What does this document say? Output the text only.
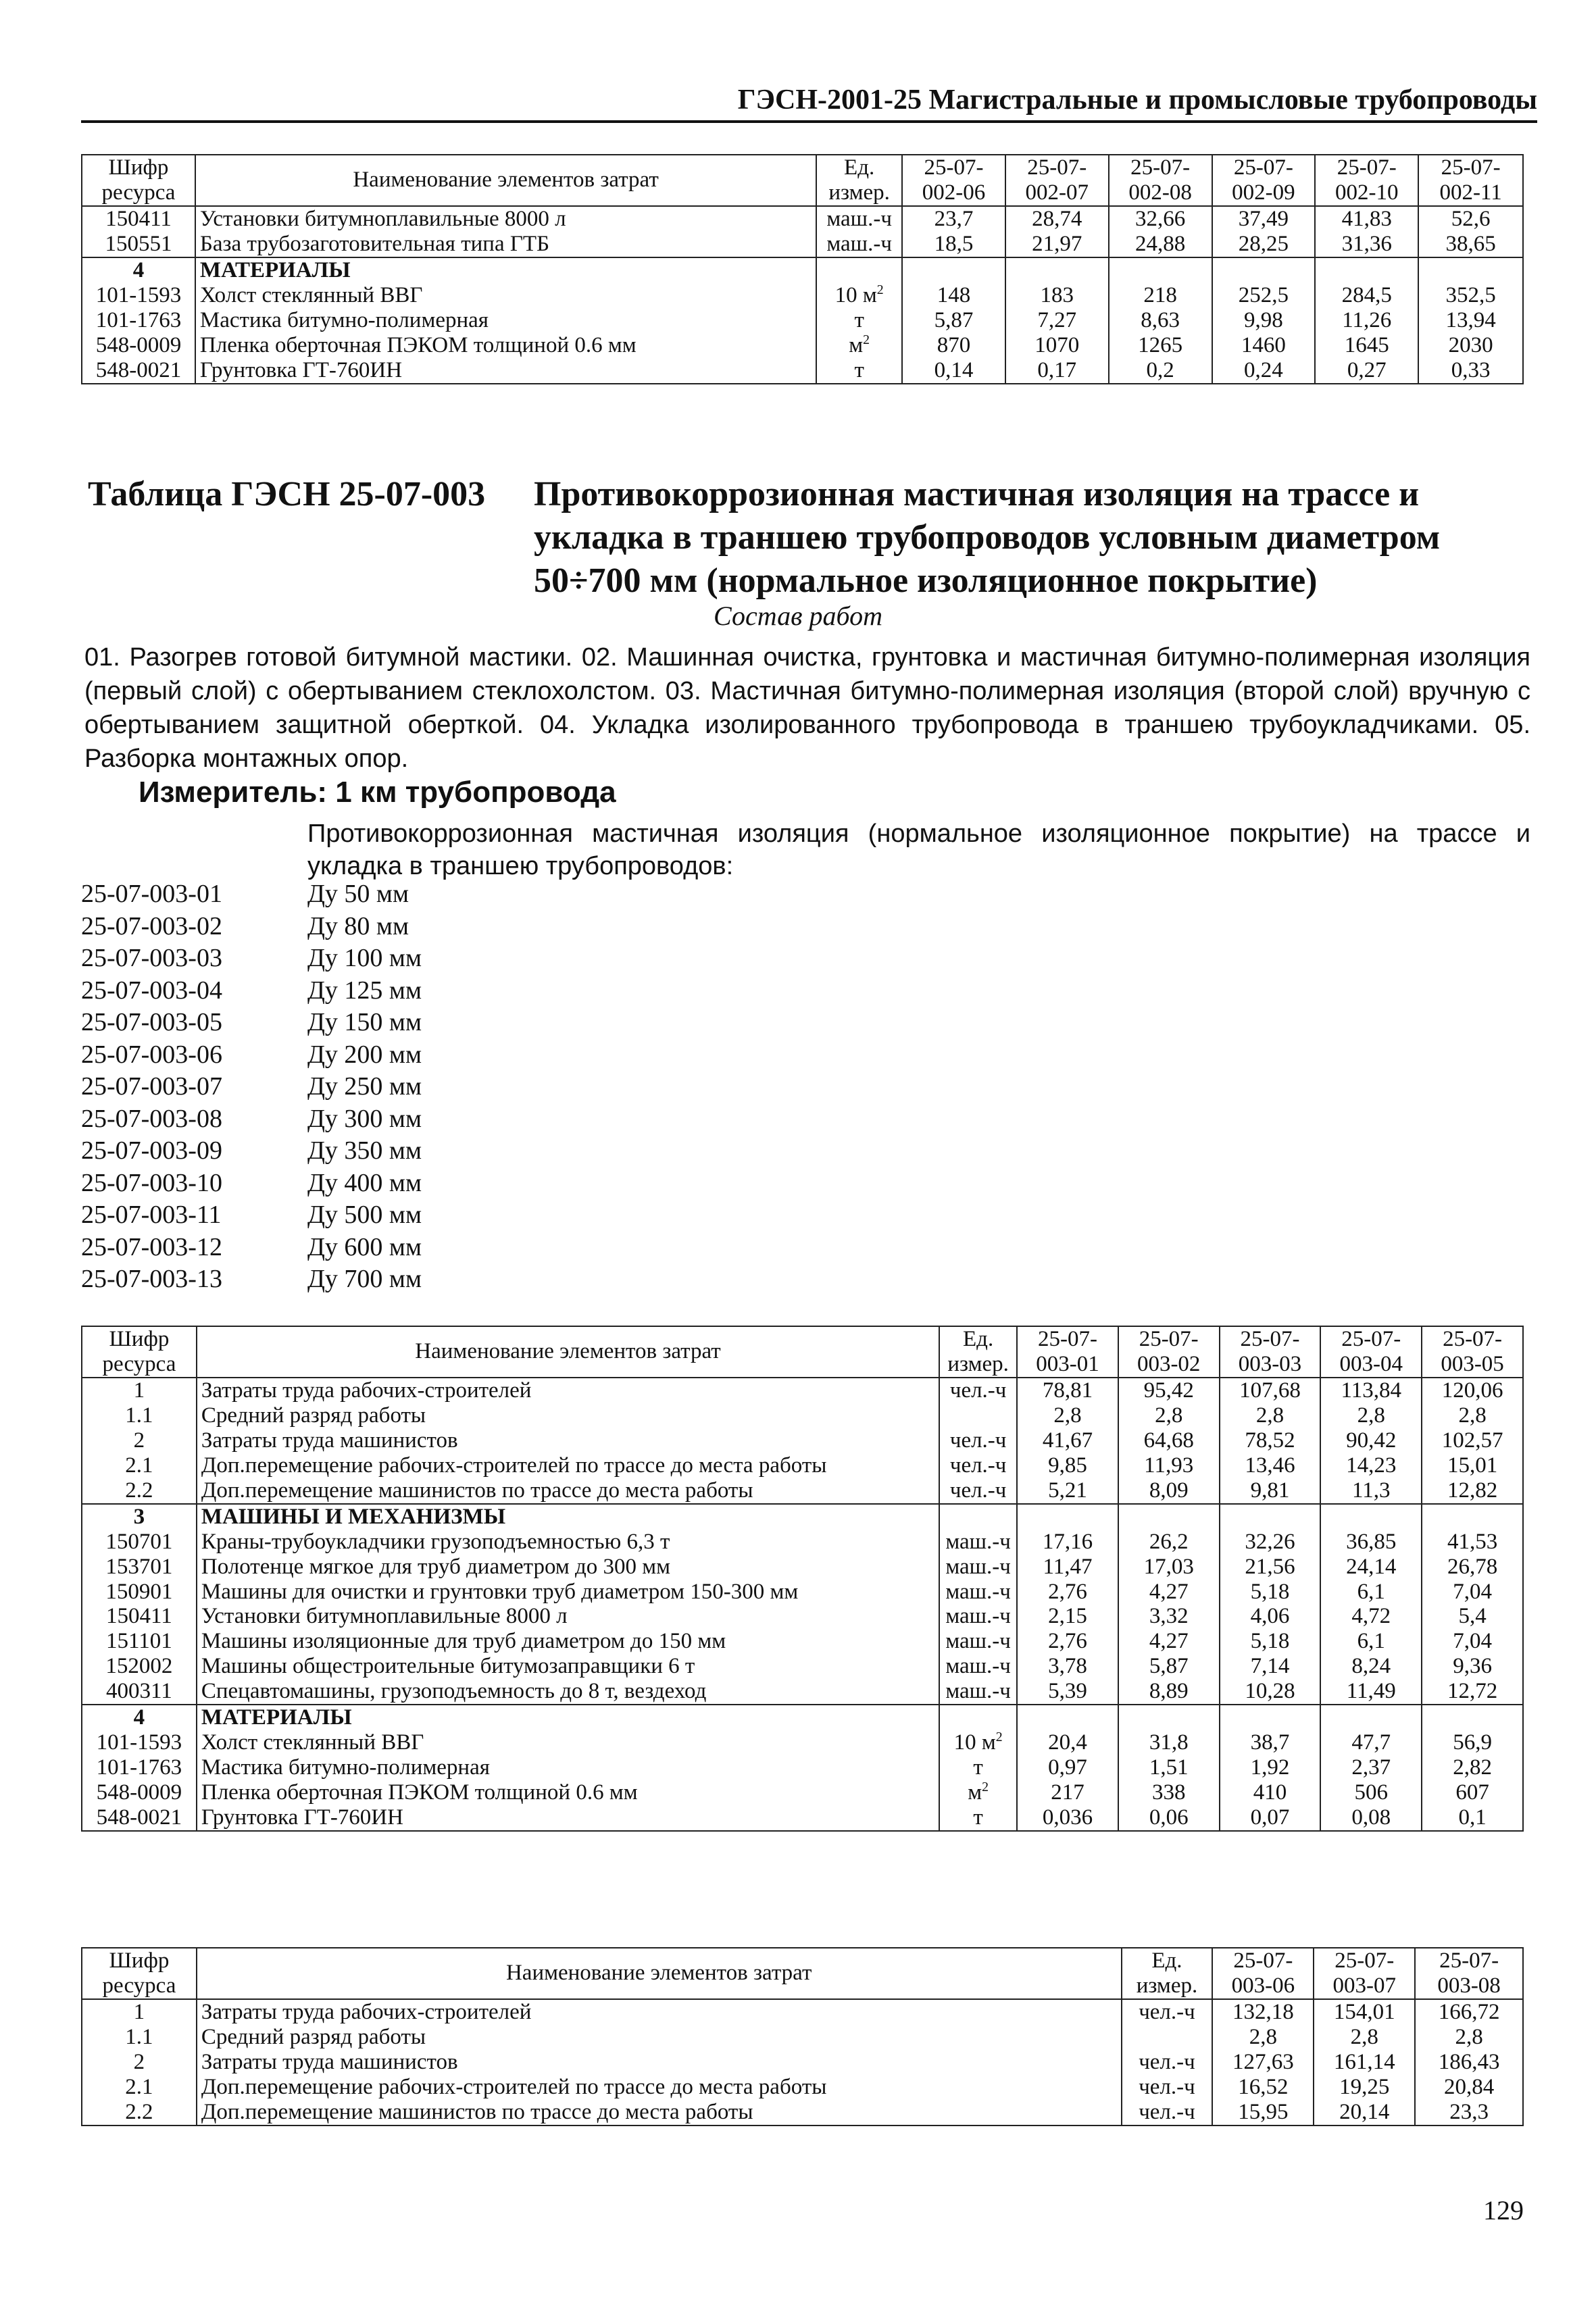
ГЭСН-2001-25 Магистральные и промысловые трубопроводы
Шифр ресурса	Наименование элементов затрат	Ед. измер.	25-07-002-06	25-07-002-07	25-07-002-08	25-07-002-09	25-07-002-10	25-07-002-11
150411	Установки битумноплавильные 8000 л	маш.-ч	23,7	28,74	32,66	37,49	41,83	52,6
150551	База трубозаготовительная типа ГТБ	маш.-ч	18,5	21,97	24,88	28,25	31,36	38,65
4	МАТЕРИАЛЫ							
101-1593	Холст стеклянный ВВГ	10 $м^2$	148	183	218	252,5	284,5	352,5
101-1763	Мастика битумно-полимерная	т	5,87	7,27	8,63	9,98	11,26	13,94
548-0009	Пленка оберточная ПЭКОМ толщиной 0.6 мм	$м^2$	870	1070	1265	1460	1645	2030
548-0021	Грунтовка ГТ-760ИН	т	0,14	0,17	0,2	0,24	0,27	0,33
Таблица ГЭСН 25-07-003 Противокоррозионная мастичная изоляция на трассе и укладка в траншею трубопроводов условным диаметром 50÷700 мм (нормальное изоляционное покрытие)
Состав работ
01. Разогрев готовой битумной мастики. 02. Машинная очистка, грунтовка и мастичная битумно-полимерная изоляция (первый слой) с обертыванием стеклохолстом. 03. Мастичная битумно-полимерная изоляция (второй слой) вручную с обертыванием защитной оберткой. 04. Укладка изолированного трубопровода в траншею трубоукладчиками. 05. Разборка монтажных опор.
Измеритель: 1 км трубопровода
Противокоррозионная мастичная изоляция (нормальное изоляционное покрытие) на трассе и укладка в траншею трубопроводов:
25-07-003-01	Ду 50 мм
25-07-003-02	Ду 80 мм
25-07-003-03	Ду 100 мм
25-07-003-04	Ду 125 мм
25-07-003-05	Ду 150 мм
25-07-003-06	Ду 200 мм
25-07-003-07	Ду 250 мм
25-07-003-08	Ду 300 мм
25-07-003-09	Ду 350 мм
25-07-003-10	Ду 400 мм
25-07-003-11	Ду 500 мм
25-07-003-12	Ду 600 мм
25-07-003-13	Ду 700 мм
Шифр ресурса	Наименование элементов затрат	Ед. измер.	25-07-003-01	25-07-003-02	25-07-003-03	25-07-003-04	25-07-003-05
1	Затраты труда рабочих-строителей	чел.-ч	78,81	95,42	107,68	113,84	120,06
1.1	Средний разряд работы		2,8	2,8	2,8	2,8	2,8
2	Затраты труда машинистов	чел.-ч	41,67	64,68	78,52	90,42	102,57
2.1	Доп.перемещение рабочих-строителей по трассе до места работы	чел.-ч	9,85	11,93	13,46	14,23	15,01
2.2	Доп.перемещение машинистов по трассе до места работы	чел.-ч	5,21	8,09	9,81	11,3	12,82
3	МАШИНЫ И МЕХАНИЗМЫ						
150701	Краны-трубоукладчики грузоподъемностью 6,3 т	маш.-ч	17,16	26,2	32,26	36,85	41,53
153701	Полотенце мягкое для труб диаметром до 300 мм	маш.-ч	11,47	17,03	21,56	24,14	26,78
150901	Машины для очистки и грунтовки труб диаметром 150-300 мм	маш.-ч	2,76	4,27	5,18	6,1	7,04
150411	Установки битумноплавильные 8000 л	маш.-ч	2,15	3,32	4,06	4,72	5,4
151101	Машины изоляционные для труб диаметром до 150 мм	маш.-ч	2,76	4,27	5,18	6,1	7,04
152002	Машины общестроительные битумозаправщики 6 т	маш.-ч	3,78	5,87	7,14	8,24	9,36
400311	Спецавтомашины, грузоподъемность до 8 т, вездеход	маш.-ч	5,39	8,89	10,28	11,49	12,72
4	МАТЕРИАЛЫ						
101-1593	Холст стеклянный ВВГ	10 $м^2$	20,4	31,8	38,7	47,7	56,9
101-1763	Мастика битумно-полимерная	т	0,97	1,51	1,92	2,37	2,82
548-0009	Пленка оберточная ПЭКОМ толщиной 0.6 мм	$м^2$	217	338	410	506	607
548-0021	Грунтовка ГТ-760ИН	т	0,036	0,06	0,07	0,08	0,1
Шифр ресурса	Наименование элементов затрат	Ед. измер.	25-07-003-06	25-07-003-07	25-07-003-08
1	Затраты труда рабочих-строителей	чел.-ч	132,18	154,01	166,72
1.1	Средний разряд работы		2,8	2,8	2,8
2	Затраты труда машинистов	чел.-ч	127,63	161,14	186,43
2.1	Доп.перемещение рабочих-строителей по трассе до места работы	чел.-ч	16,52	19,25	20,84
2.2	Доп.перемещение машинистов по трассе до места работы	чел.-ч	15,95	20,14	23,3
129
